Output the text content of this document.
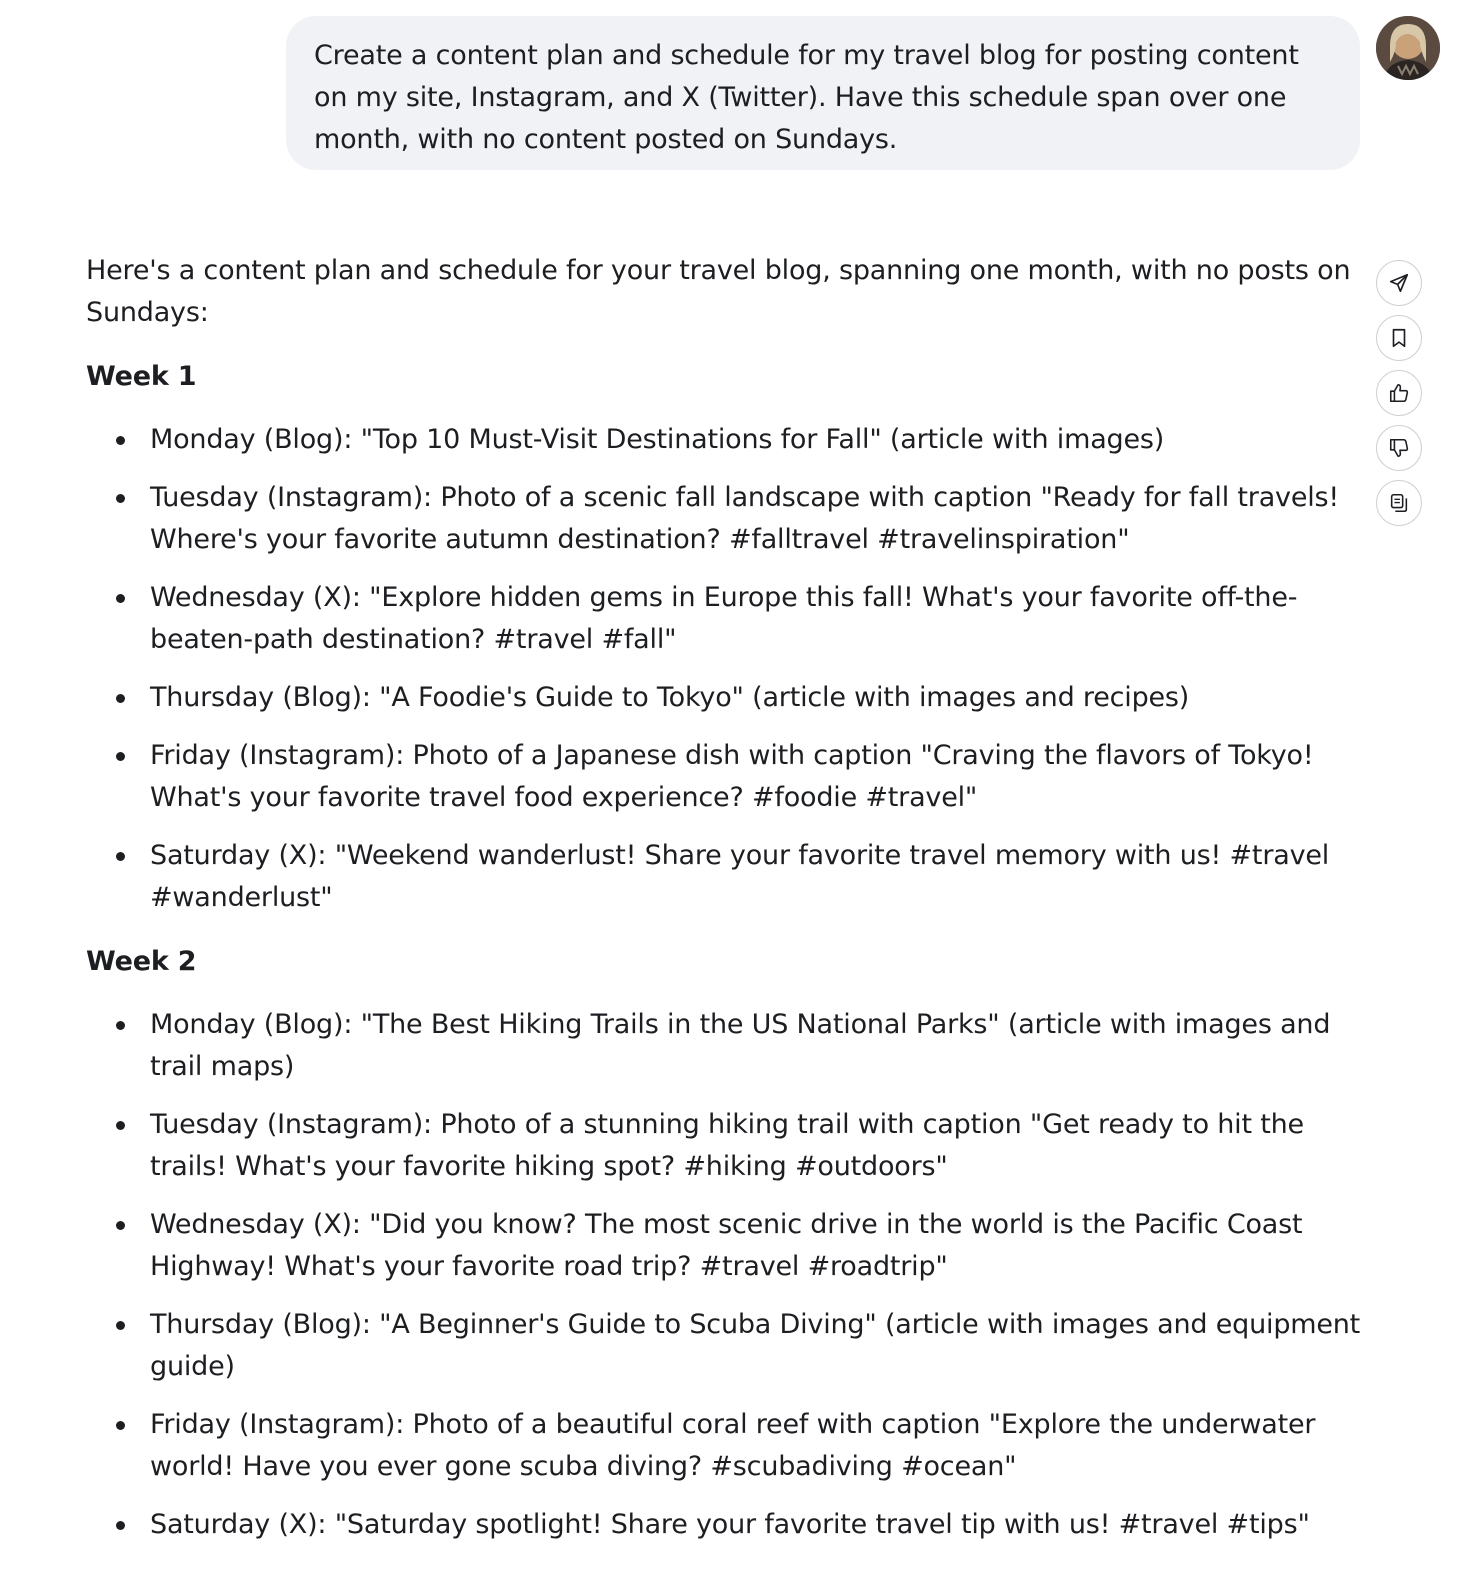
Create a content plan and schedule for my travel blog for posting content
on my site, Instagram, and X (Twitter). Have this schedule span over one
month, with no content posted on Sundays.
Here's a content plan and schedule for your travel blog, spanning one month, with no posts on Sundays:
Week 1
Monday (Blog): "Top 10 Must-Visit Destinations for Fall" (article with images)
Tuesday (Instagram): Photo of a scenic fall landscape with caption "Ready for fall travels! Where's your favorite autumn destination? #falltravel #travelinspiration"
Wednesday (X): "Explore hidden gems in Europe this fall! What's your favorite off-the-beaten-path destination? #travel #fall"
Thursday (Blog): "A Foodie's Guide to Tokyo" (article with images and recipes)
Friday (Instagram): Photo of a Japanese dish with caption "Craving the flavors of Tokyo! What's your favorite travel food experience? #foodie #travel"
Saturday (X): "Weekend wanderlust! Share your favorite travel memory with us! #travel #wanderlust"
Week 2
Monday (Blog): "The Best Hiking Trails in the US National Parks" (article with images and trail maps)
Tuesday (Instagram): Photo of a stunning hiking trail with caption "Get ready to hit the trails! What's your favorite hiking spot? #hiking #outdoors"
Wednesday (X): "Did you know? The most scenic drive in the world is the Pacific Coast Highway! What's your favorite road trip? #travel #roadtrip"
Thursday (Blog): "A Beginner's Guide to Scuba Diving" (article with images and equipment guide)
Friday (Instagram): Photo of a beautiful coral reef with caption "Explore the underwater world! Have you ever gone scuba diving? #scubadiving #ocean"
Saturday (X): "Saturday spotlight! Share your favorite travel tip with us! #travel #tips"
